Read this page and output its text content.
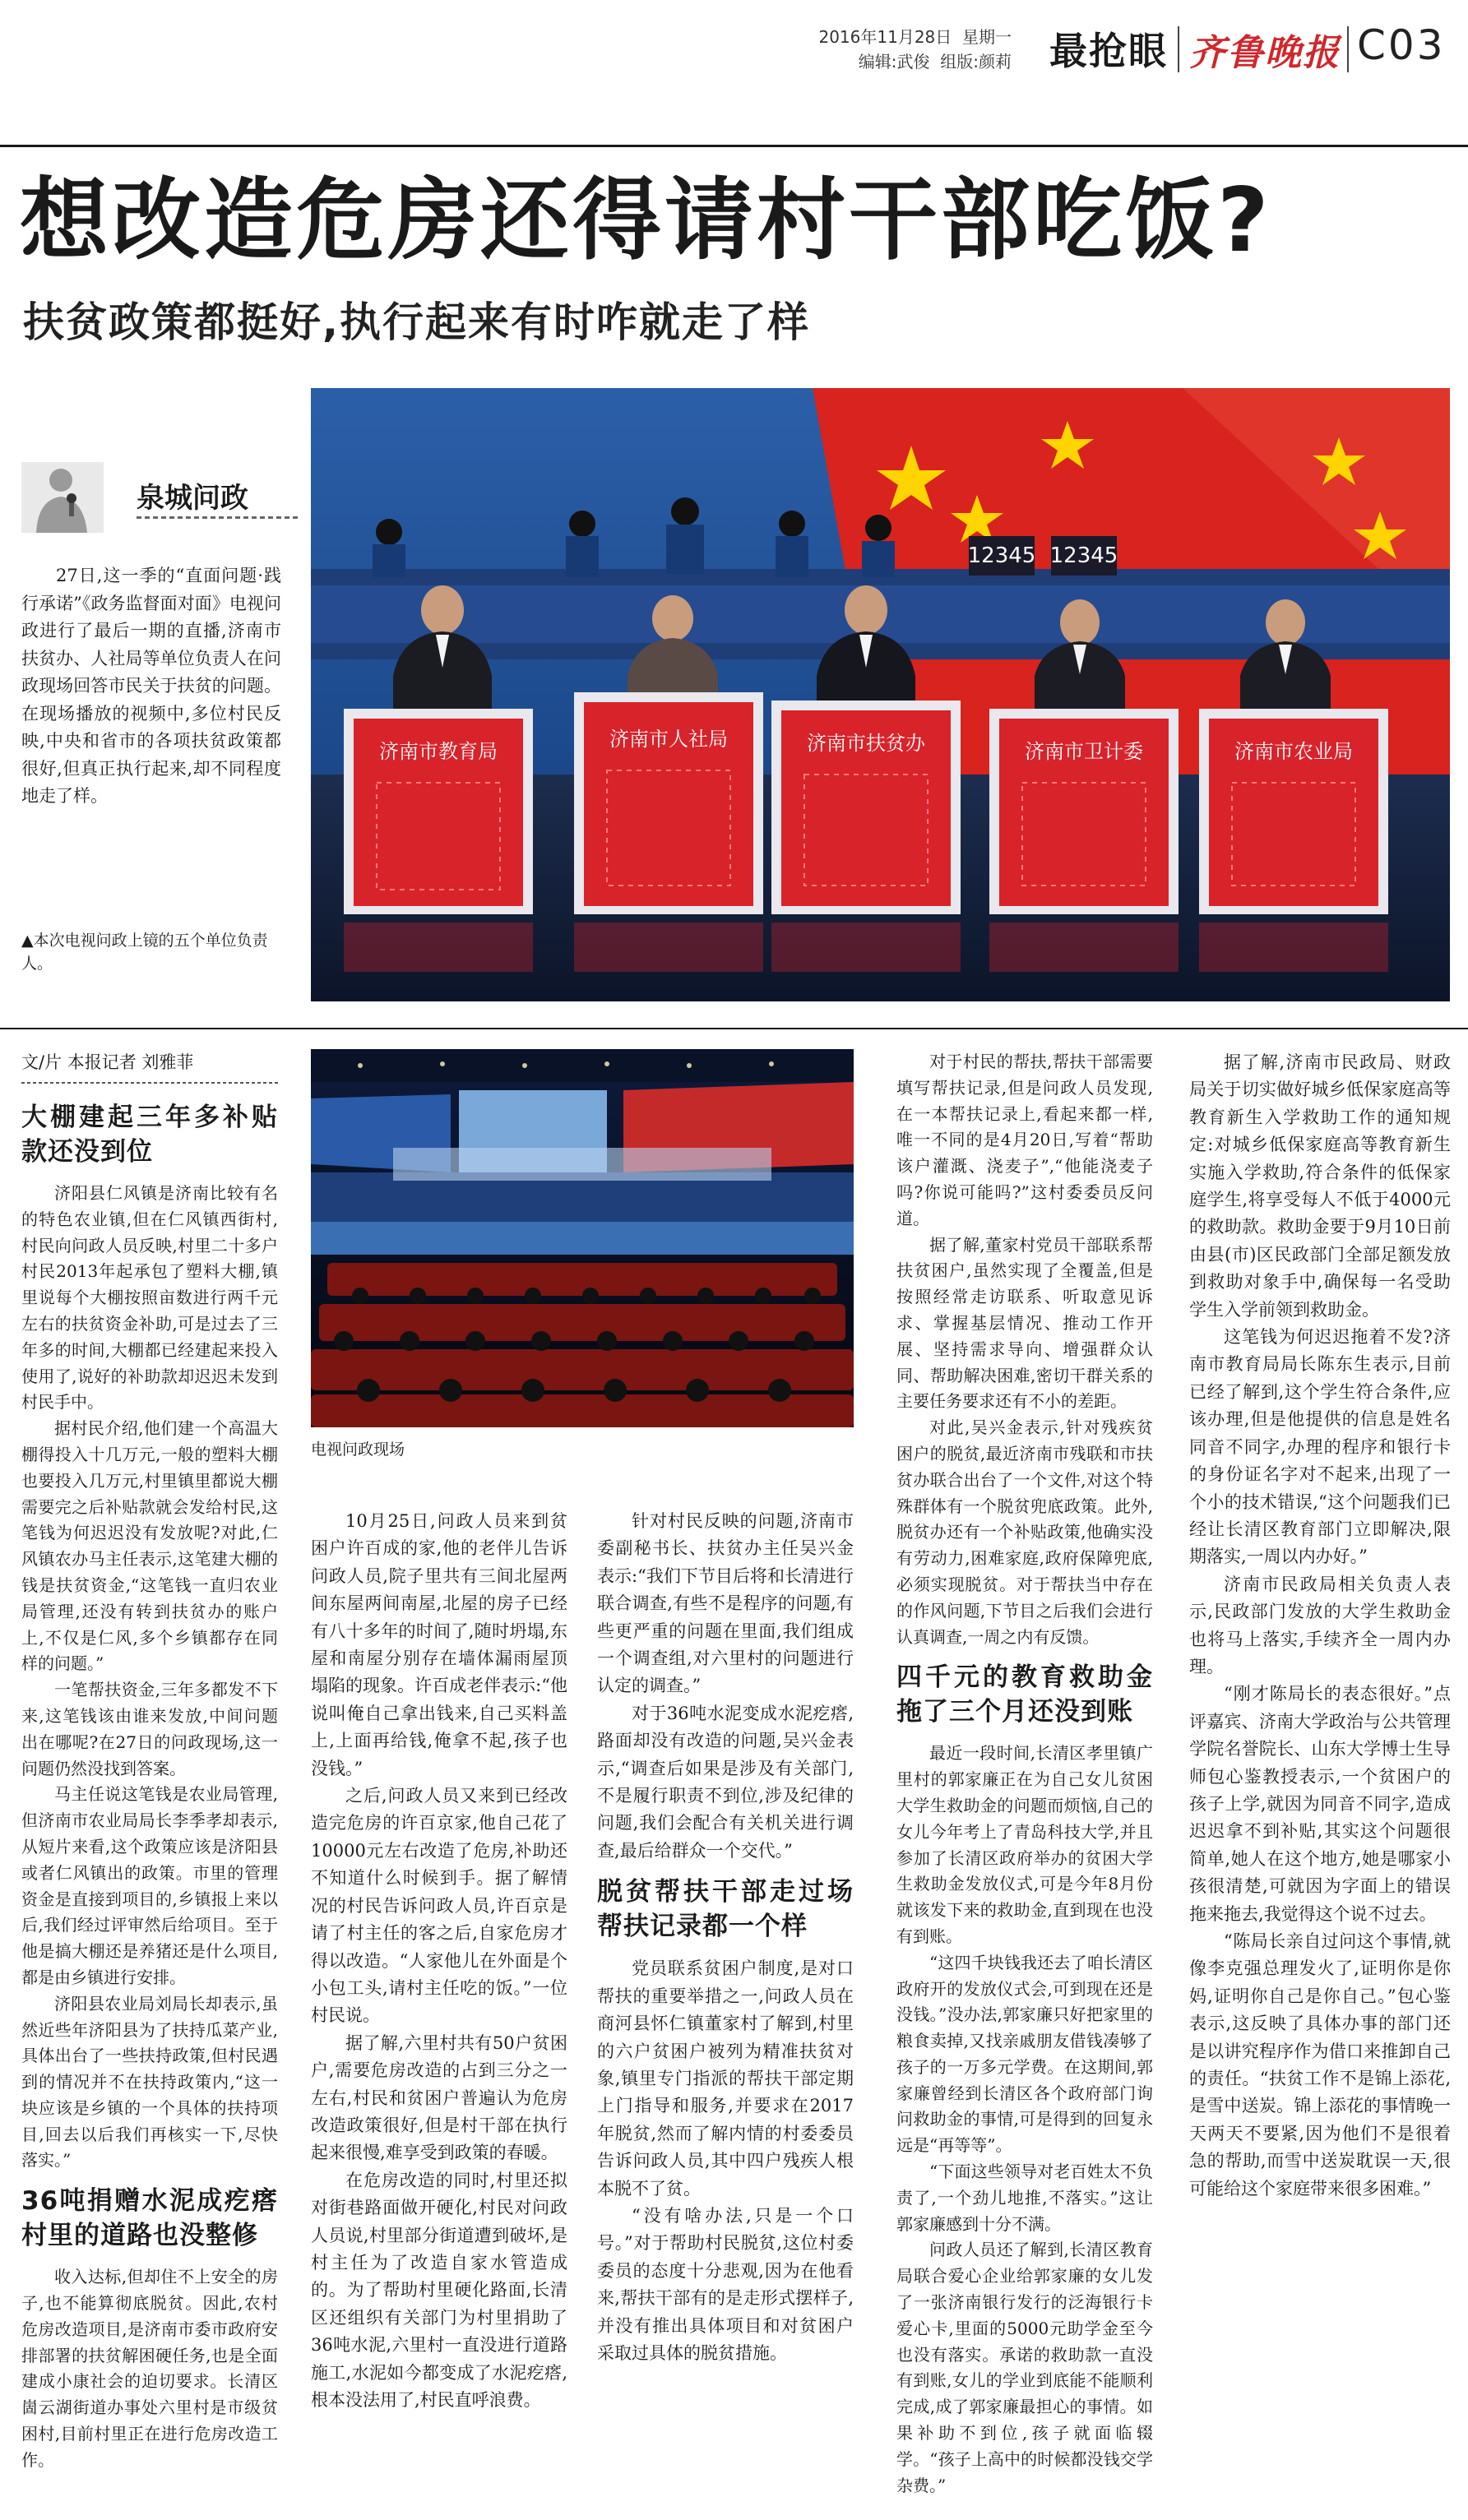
2016年11月28日 星期一
编辑:武俊 组版:颜莉 最抢眼 齐鲁晚报 C03
想改造危房还得请村干部吃饭?
扶贫政策都挺好,执行起来有时咋就走了样
泉城问政

27日,这一季的“直面问题·践行承诺”《政务监督面对面》电视问政进行了最后一期的直播,济南市扶贫办、人社局等单位负责人在问政现场回答市民关于扶贫的问题。在现场播放的视频中,多位村民反映,中央和省市的各项扶贫政策都很好,但真正执行起来,却不同程度地走了样。

▲本次电视问政上镜的五个单位负责人。

12345 12345
济南市教育局
济南市人社局	济南市扶贫办	济南市卫计委	济南市农业局
文/片 本报记者 刘雅菲
大棚建起三年多补贴款还没到位

济阳县仁风镇是济南比较有名的特色农业镇,但在仁风镇西街村,村民向问政人员反映,村里二十多户村民2013年起承包了塑料大棚,镇里说每个大棚按照亩数进行两千元左右的扶贫资金补助,可是过去了三年多的时间,大棚都已经建起来投入使用了,说好的补助款却迟迟未发到村民手中。

据村民介绍,他们建一个高温大棚得投入十几万元,一般的塑料大棚也要投入几万元,村里镇里都说大棚需要完之后补贴款就会发给村民,这笔钱为何迟迟没有发放呢?对此,仁风镇农办马主任表示,这笔建大棚的钱是扶贫资金,“这笔钱一直归农业局管理,还没有转到扶贫办的账户上,不仅是仁风,多个乡镇都存在同样的问题。”

一笔帮扶资金,三年多都发不下来,这笔钱该由谁来发放,中间问题出在哪呢?在27日的问政现场,这一问题仍然没找到答案。

马主任说这笔钱是农业局管理,但济南市农业局局长李季孝却表示,从短片来看,这个政策应该是济阳县或者仁风镇出的政策。市里的管理资金是直接到项目的,乡镇报上来以后,我们经过评审然后给项目。至于他是搞大棚还是养猪还是什么项目,都是由乡镇进行安排。

济阳县农业局刘局长却表示,虽然近些年济阳县为了扶持瓜菜产业,具体出台了一些扶持政策,但村民遇到的情况并不在扶持政策内,“这一块应该是乡镇的一个具体的扶持项目,回去以后我们再核实一下,尽快落实。”

36吨捐赠水泥成疙瘩村里的道路也没整修

收入达标,但却住不上安全的房子,也不能算彻底脱贫。因此,农村危房改造项目,是济南市委市政府安排部署的扶贫解困硬任务,也是全面建成小康社会的迫切要求。长清区崮云湖街道办事处六里村是市级贫困村,目前村里正在进行危房改造工作。

电视问政现场

10月25日,问政人员来到贫困户许百成的家,他的老伴儿告诉问政人员,院子里共有三间北屋两间东屋两间南屋,北屋的房子已经有八十多年的时间了,随时坍塌,东屋和南屋分别存在墙体漏雨屋顶塌陷的现象。许百成老伴表示:“他说叫俺自己拿出钱来,自己买料盖上,上面再给钱,俺拿不起,孩子也没钱。”

之后,问政人员又来到已经改造完危房的许百京家,他自己花了10000元左右改造了危房,补助还不知道什么时候到手。据了解情况的村民告诉问政人员,许百京是请了村主任的客之后,自家危房才得以改造。“人家他儿在外面是个小包工头,请村主任吃的饭。”一位村民说。

据了解,六里村共有50户贫困户,需要危房改造的占到三分之一左右,村民和贫困户普遍认为危房改造政策很好,但是村干部在执行起来很慢,难享受到政策的春暖。

在危房改造的同时,村里还拟对街巷路面做开硬化,村民对问政人员说,村里部分街道遭到破坏,是村主任为了改造自家水管造成的。为了帮助村里硬化路面,长清区还组织有关部门为村里捐助了36吨水泥,六里村一直没进行道路施工,水泥如今都变成了水泥疙瘩,根本没法用了,村民直呼浪费。

针对村民反映的问题,济南市委副秘书长、扶贫办主任吴兴金表示:“我们下节目后将和长清进行联合调查,有些不是程序的问题,有些更严重的问题在里面,我们组成一个调查组,对六里村的问题进行认定的调查。”

对于36吨水泥变成水泥疙瘩,路面却没有改造的问题,吴兴金表示,“调查后如果是涉及有关部门,不是履行职责不到位,涉及纪律的问题,我们会配合有关机关进行调查,最后给群众一个交代。”

脱贫帮扶干部走过场帮扶记录都一个样

党员联系贫困户制度,是对口帮扶的重要举措之一,问政人员在商河县怀仁镇董家村了解到,村里的六户贫困户被列为精准扶贫对象,镇里专门指派的帮扶干部定期上门指导和服务,并要求在2017年脱贫,然而了解内情的村委委员告诉问政人员,其中四户残疾人根本脱不了贫。

“没有啥办法,只是一个口号。”对于帮助村民脱贫,这位村委委员的态度十分悲观,因为在他看来,帮扶干部有的是走形式摆样子,并没有推出具体项目和对贫困户采取过具体的脱贫措施。

对于村民的帮扶,帮扶干部需要填写帮扶记录,但是问政人员发现,在一本帮扶记录上,看起来都一样,唯一不同的是4月20日,写着“帮助该户灌溉、浇麦子”,“他能浇麦子吗?你说可能吗?”这村委委员反问道。

据了解,董家村党员干部联系帮扶贫困户,虽然实现了全覆盖,但是按照经常走访联系、听取意见诉求、掌握基层情况、推动工作开展、坚持需求导向、增强群众认同、帮助解决困难,密切干群关系的主要任务要求还有不小的差距。

对此,吴兴金表示,针对残疾贫困户的脱贫,最近济南市残联和市扶贫办联合出台了一个文件,对这个特殊群体有一个脱贫兜底政策。此外,脱贫办还有一个补贴政策,他确实没有劳动力,困难家庭,政府保障兜底,必须实现脱贫。对于帮扶当中存在的作风问题,下节目之后我们会进行认真调查,一周之内有反馈。

四千元的教育救助金拖了三个月还没到账

最近一段时间,长清区孝里镇广里村的郭家廉正在为自己女儿贫困大学生救助金的问题而烦恼,自己的女儿今年考上了青岛科技大学,并且参加了长清区政府举办的贫困大学生救助金发放仪式,可是今年8月份就该发下来的救助金,直到现在也没有到账。

“这四千块钱我还去了咱长清区政府开的发放仪式会,可到现在还是没钱。”没办法,郭家廉只好把家里的粮食卖掉,又找亲戚朋友借钱凑够了孩子的一万多元学费。在这期间,郭家廉曾经到长清区各个政府部门询问救助金的事情,可是得到的回复永远是“再等等”。

“下面这些领导对老百姓太不负责了,一个劲儿地推,不落实。”这让郭家廉感到十分不满。

问政人员还了解到,长清区教育局联合爱心企业给郭家廉的女儿发了一张济南银行发行的泛海银行卡爱心卡,里面的5000元助学金至今也没有落实。承诺的救助款一直没有到账,女儿的学业到底能不能顺利完成,成了郭家廉最担心的事情。如果补助不到位,孩子就面临辍学。“孩子上高中的时候都没钱交学杂费。”

据了解,济南市民政局、财政局关于切实做好城乡低保家庭高等教育新生入学救助工作的通知规定:对城乡低保家庭高等教育新生实施入学救助,符合条件的低保家庭学生,将享受每人不低于4000元的救助款。救助金要于9月10日前由县(市)区民政部门全部足额发放到救助对象手中,确保每一名受助学生入学前领到救助金。

这笔钱为何迟迟拖着不发?济南市教育局局长陈东生表示,目前已经了解到,这个学生符合条件,应该办理,但是他提供的信息是姓名同音不同字,办理的程序和银行卡的身份证名字对不起来,出现了一个小的技术错误,“这个问题我们已经让长清区教育部门立即解决,限期落实,一周以内办好。”

济南市民政局相关负责人表示,民政部门发放的大学生救助金也将马上落实,手续齐全一周内办理。

“刚才陈局长的表态很好。”点评嘉宾、济南大学政治与公共管理学院名誉院长、山东大学博士生导师包心鉴教授表示,一个贫困户的孩子上学,就因为同音不同字,造成迟迟拿不到补贴,其实这个问题很简单,她人在这个地方,她是哪家小孩很清楚,可就因为字面上的错误拖来拖去,我觉得这个说不过去。

“陈局长亲自过问这个事情,就像李克强总理发火了,证明你是你妈,证明你自己是你自己。”包心鉴表示,这反映了具体办事的部门还是以讲究程序作为借口来推卸自己的责任。“扶贫工作不是锦上添花,是雪中送炭。锦上添花的事情晚一天两天不要紧,因为他们不是很着急的帮助,而雪中送炭耽误一天,很可能给这个家庭带来很多困难。”
